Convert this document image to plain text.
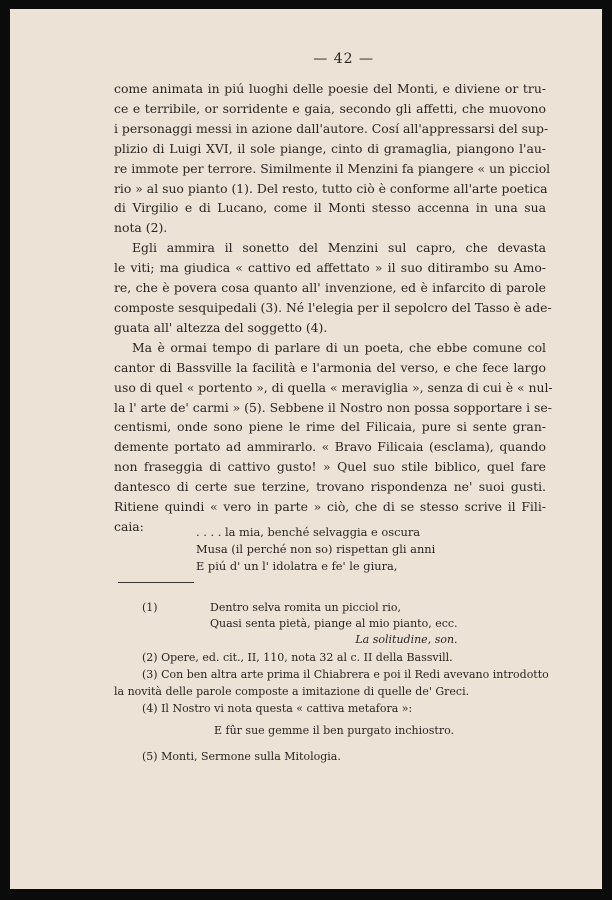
— 42 —
come animata in piú luoghi delle poesie del Monti, e diviene or tru-
ce e terribile, or sorridente e gaia, secondo gli affetti, che muovono
i personaggi messi in azione dall'autore. Cosí all'appressarsi del sup-
plizio di Luigi XVI, il sole piange, cinto di gramaglia, piangono l'au-
re immote per terrore. Similmente il Menzini fa piangere « un picciol
rio » al suo pianto (1). Del resto, tutto ciò è conforme all'arte poetica
di Virgilio e di Lucano, come il Monti stesso accenna in una sua
nota (2).
Egli ammira il sonetto del Menzini sul capro, che devasta
le viti; ma giudica « cattivo ed affettato » il suo ditirambo su Amo-
re, che è povera cosa quanto all' invenzione, ed è infarcito di parole
composte sesquipedali (3). Né l'elegia per il sepolcro del Tasso è ade-
guata all' altezza del soggetto (4).
Ma è ormai tempo di parlare di un poeta, che ebbe comune col
cantor di Bassville la facilità e l'armonia del verso, e che fece largo
uso di quel « portento », di quella « meraviglia », senza di cui è « nul-
la l' arte de' carmi » (5). Sebbene il Nostro non possa sopportare i se-
centismi, onde sono piene le rime del Filicaia, pure si sente gran-
demente portato ad ammirarlo. « Bravo Filicaia (esclama), quando
non fraseggia di cattivo gusto! » Quel suo stile biblico, quel fare
dantesco di certe sue terzine, trovano rispondenza ne' suoi gusti.
Ritiene quindi « vero in parte » ciò, che di se stesso scrive il Fili-
caia:	. . . . la mia, benché selvaggia e oscura
Musa (il perché non so) rispettan gli anni
E piú d' un l' idolatra e fe' le giura,
(1)	Dentro selva romita un picciol rio,
Quasi senta pietà, piange al mio pianto, ecc.
La solitudine, son.
(2) Opere, ed. cit., II, 110, nota 32 al c. II della Bassvill.
(3) Con ben altra arte prima il Chiabrera e poi il Redi avevano introdotto
la novità delle parole composte a imitazione di quelle de' Greci.
(4) Il Nostro vi nota questa « cattiva metafora »:
E fûr sue gemme il ben purgato inchiostro.
(5) Monti, Sermone sulla Mitologia.
